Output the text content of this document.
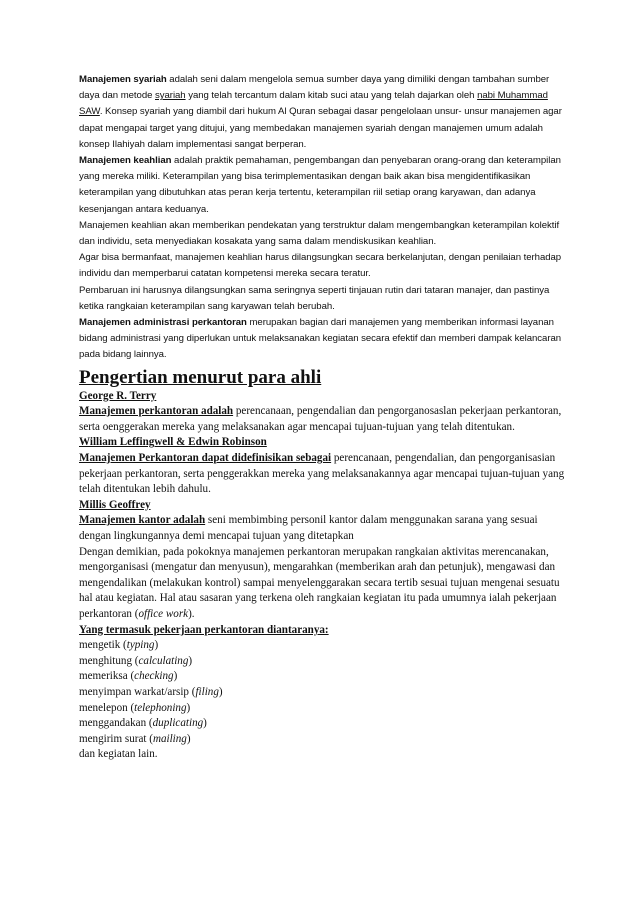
Manajemen syariah adalah seni dalam mengelola semua sumber daya yang dimiliki dengan tambahan sumber daya dan metode syariah yang telah tercantum dalam kitab suci atau yang telah dajarkan oleh nabi Muhammad SAW. Konsep syariah yang diambil dari hukum Al Quran sebagai dasar pengelolaan unsur- unsur manajemen agar dapat mengapai target yang ditujui, yang membedakan manajemen syariah dengan manajemen umum adalah konsep Ilahiyah dalam implementasi sangat berperan.

Manajemen keahlian adalah praktik pemahaman, pengembangan dan penyebaran orang-orang dan keterampilan yang mereka miliki. Keterampilan yang bisa terimplementasikan dengan baik akan bisa mengidentifikasikan keterampilan yang dibutuhkan atas peran kerja tertentu, keterampilan riil setiap orang karyawan, dan adanya kesenjangan antara keduanya.

Manajemen keahlian akan memberikan pendekatan yang terstruktur dalam mengembangkan keterampilan kolektif dan individu, seta menyediakan kosakata yang sama dalam mendiskusikan keahlian.

Agar bisa bermanfaat, manajemen keahlian harus dilangsungkan secara berkelanjutan, dengan penilaian terhadap individu dan memperbarui catatan kompetensi mereka secara teratur.

Pembaruan ini harusnya dilangsungkan sama seringnya seperti tinjauan rutin dari tataran manajer, dan pastinya ketika rangkaian keterampilan sang karyawan telah berubah.

Manajemen administrasi perkantoran merupakan bagian dari manajemen yang memberikan informasi layanan bidang administrasi yang diperlukan untuk melaksanakan kegiatan secara efektif dan memberi dampak kelancaran pada bidang lainnya.

Pengertian menurut para ahli

George R. Terry

Manajemen perkantoran adalah perencanaan, pengendalian dan pengorganosaslan pekerjaan perkantoran, serta oenggerakan mereka yang melaksanakan agar mencapai tujuan-tujuan yang telah ditentukan.

William Leffingwell & Edwin Robinson

Manajemen Perkantoran dapat didefinisikan sebagai perencanaan, pengendalian, dan pengorganisasian pekerjaan perkantoran, serta penggerakkan mereka yang melaksanakannya agar mencapai tujuan-tujuan yang telah ditentukan lebih dahulu.

Millis Geoffrey

Manajemen kantor adalah seni membimbing personil kantor dalam menggunakan sarana yang sesuai dengan lingkungannya demi mencapai tujuan yang ditetapkan

Dengan demikian, pada pokoknya manajemen perkantoran merupakan rangkaian aktivitas merencanakan, mengorganisasi (mengatur dan menyusun), mengarahkan (memberikan arah dan petunjuk), mengawasi dan mengendalikan (melakukan kontrol) sampai menyelenggarakan secara tertib sesuai tujuan mengenai sesuatu hal atau kegiatan. Hal atau sasaran yang terkena oleh rangkaian kegiatan itu pada umumnya ialah pekerjaan perkantoran (office work).

Yang termasuk pekerjaan perkantoran diantaranya:

mengetik (typing)
menghitung (calculating)
memeriksa (checking)
menyimpan warkat/arsip (filing)
menelepon (telephoning)
menggandakan (duplicating)
mengirim surat (mailing)
dan kegiatan lain.
